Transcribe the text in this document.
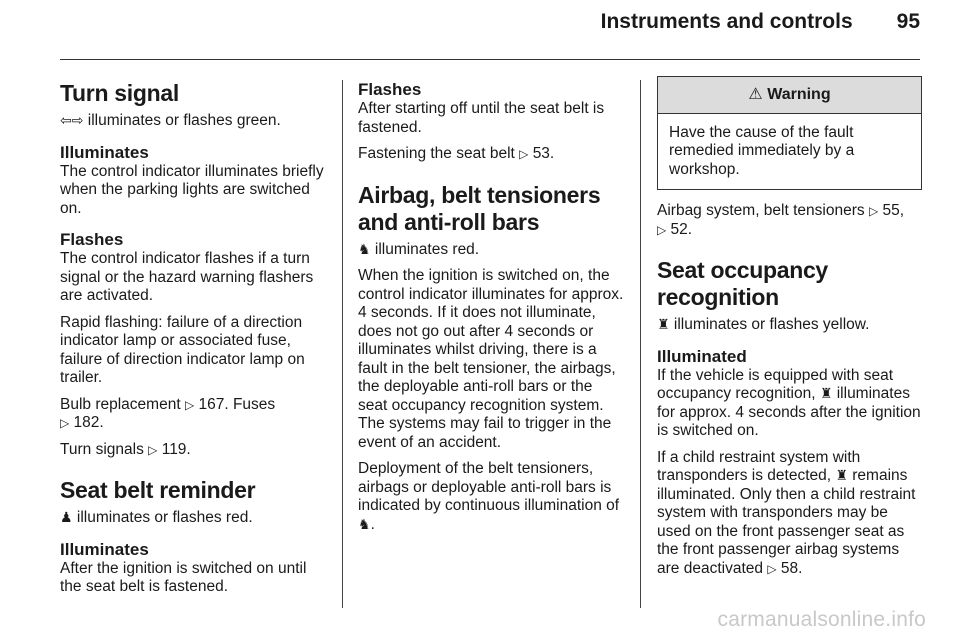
Instruments and controls 95
Turn signal

⇦⇨ illuminates or flashes green.

Illuminates

The control indicator illuminates briefly when the parking lights are switched on.

Flashes

The control indicator flashes if a turn signal or the hazard warning flashers are activated.

Rapid flashing: failure of a direction indicator lamp or associated fuse, failure of direction indicator lamp on trailer.

Bulb replacement ▷ 167. Fuses
▷ 182.

Turn signals ▷ 119.

Seat belt reminder

♟ illuminates or flashes red.

Illuminates

After the ignition is switched on until the seat belt is fastened.

Flashes

After starting off until the seat belt is fastened.

Fastening the seat belt ▷ 53.

Airbag, belt tensioners and anti-roll bars

♞ illuminates red.

When the ignition is switched on, the control indicator illuminates for approx. 4 seconds. If it does not illuminate, does not go out after 4 seconds or illuminates whilst driving, there is a fault in the belt tensioner, the airbags, the deployable anti-roll bars or the seat occupancy recognition system. The systems may fail to trigger in the event of an accident.

Deployment of the belt tensioners, airbags or deployable anti-roll bars is indicated by continuous illumination of ♞.

⚠ Warning
Have the cause of the fault remedied immediately by a workshop.

Airbag system, belt tensioners ▷ 55,
▷ 52.

Seat occupancy recognition

♜ illuminates or flashes yellow.

Illuminated

If the vehicle is equipped with seat occupancy recognition, ♜ illuminates for approx. 4 seconds after the ignition is switched on.

If a child restraint system with transponders is detected, ♜ remains illuminated. Only then a child restraint system with transponders may be used on the front passenger seat as the front passenger airbag systems are deactivated ▷ 58.

carmanualsonline.info
